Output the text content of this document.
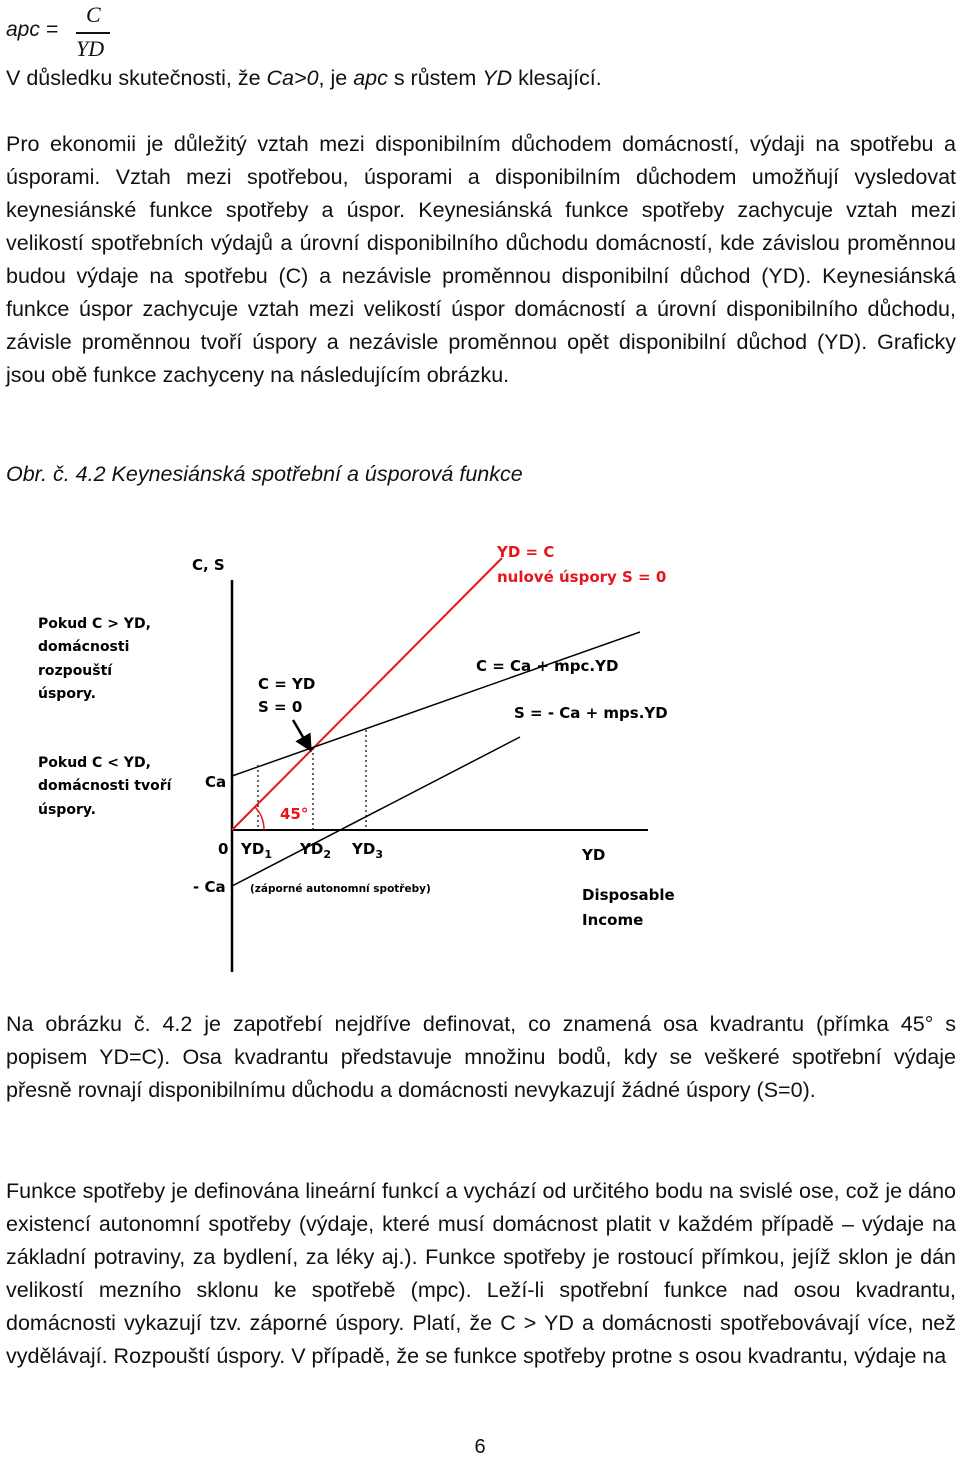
apc =
C
YD
V důsledku skutečnosti, že Ca>0, je apc s růstem YD klesající.

Pro ekonomii je důležitý vztah mezi disponibilním důchodem domácností, výdaji na spotřebu a úsporami. Vztah mezi spotřebou, úsporami a disponibilním důchodem umožňují vysledovat keynesiánské funkce spotřeby a úspor. Keynesiánská funkce spotřeby zachycuje vztah mezi velikostí spotřebních výdajů a úrovní disponibilního důchodu domácností, kde závislou proměnnou budou výdaje na spotřebu (C) a nezávisle proměnnou disponibilní důchod (YD). Keynesiánská funkce úspor zachycuje vztah mezi velikostí úspor domácností a úrovní disponibilního důchodu, závisle proměnnou tvoří úspory a nezávisle proměnnou opět disponibilní důchod (YD). Graficky jsou obě funkce zachyceny na následujícím obrázku.

Obr. č. 4.2 Keynesiánská spotřební a úsporová funkce
C, S
YD = C
nulové úspory S = 0
C = Ca + mpc.YD
S = - Ca + mps.YD
Pokud C > YD,
domácnosti
rozpouští
úspory.
Pokud C < YD,
domácnosti tvoří
úspory.
C = YD
S = 0
45°
Ca
0
- Ca
$YD_1$ $YD_2$ $YD_3$
(záporné autonomní spotřeby)
YD
Disposable
Income

Na obrázku č. 4.2 je zapotřebí nejdříve definovat, co znamená osa kvadrantu (přímka 45° s popisem YD=C). Osa kvadrantu představuje množinu bodů, kdy se veškeré spotřební výdaje přesně rovnají disponibilnímu důchodu a domácnosti nevykazují žádné úspory (S=0).

Funkce spotřeby je definována lineární funkcí a vychází od určitého bodu na svislé ose, což je dáno existencí autonomní spotřeby (výdaje, které musí domácnost platit v každém případě – výdaje na základní potraviny, za bydlení, za léky aj.). Funkce spotřeby je rostoucí přímkou, jejíž sklon je dán velikostí mezního sklonu ke spotřebě (mpc). Leží-li spotřební funkce nad osou kvadrantu, domácnosti vykazují tzv. záporné úspory. Platí, že C > YD a domácnosti spotřebovávají více, než vydělávají. Rozpouští úspory. V případě, že se funkce spotřeby protne s osou kvadrantu, výdaje na

6
